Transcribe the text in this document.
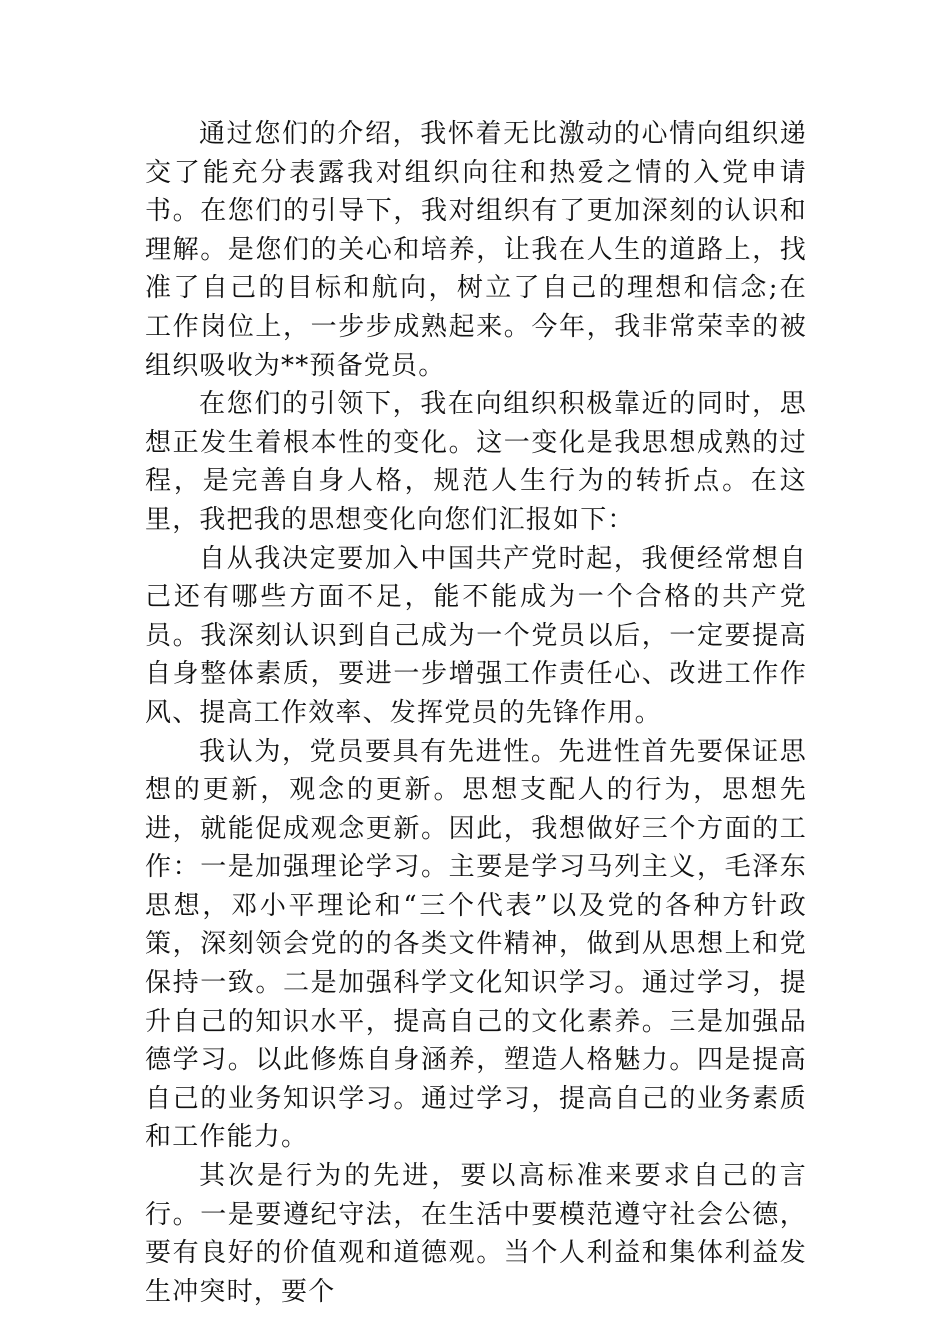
通过您们的介绍，我怀着无比激动的心情向组织递交了能充分表露我对组织向往和热爱之情的入党申请书。在您们的引导下，我对组织有了更加深刻的认识和理解。是您们的关心和培养，让我在人生的道路上，找准了自己的目标和航向，树立了自己的理想和信念;在工作岗位上，一步步成熟起来。今年，我非常荣幸的被组织吸收为**预备党员。

在您们的引领下，我在向组织积极靠近的同时，思想正发生着根本性的变化。这一变化是我思想成熟的过程，是完善自身人格，规范人生行为的转折点。在这里，我把我的思想变化向您们汇报如下：

自从我决定要加入中国共产党时起，我便经常想自己还有哪些方面不足，能不能成为一个合格的共产党员。我深刻认识到自己成为一个党员以后，一定要提高自身整体素质，要进一步增强工作责任心、改进工作作风、提高工作效率、发挥党员的先锋作用。

我认为，党员要具有先进性。先进性首先要保证思想的更新，观念的更新。思想支配人的行为，思想先进，就能促成观念更新。因此，我想做好三个方面的工作：一是加强理论学习。主要是学习马列主义，毛泽东思想，邓小平理论和“三个代表”以及党的各种方针政策，深刻领会党的的各类文件精神，做到从思想上和党保持一致。二是加强科学文化知识学习。通过学习，提升自己的知识水平，提高自己的文化素养。三是加强品德学习。以此修炼自身涵养，塑造人格魅力。四是提高自己的业务知识学习。通过学习，提高自己的业务素质和工作能力。

其次是行为的先进，要以高标准来要求自己的言行。一是要遵纪守法，在生活中要模范遵守社会公德，要有良好的价值观和道德观。当个人利益和集体利益发生冲突时，要个
